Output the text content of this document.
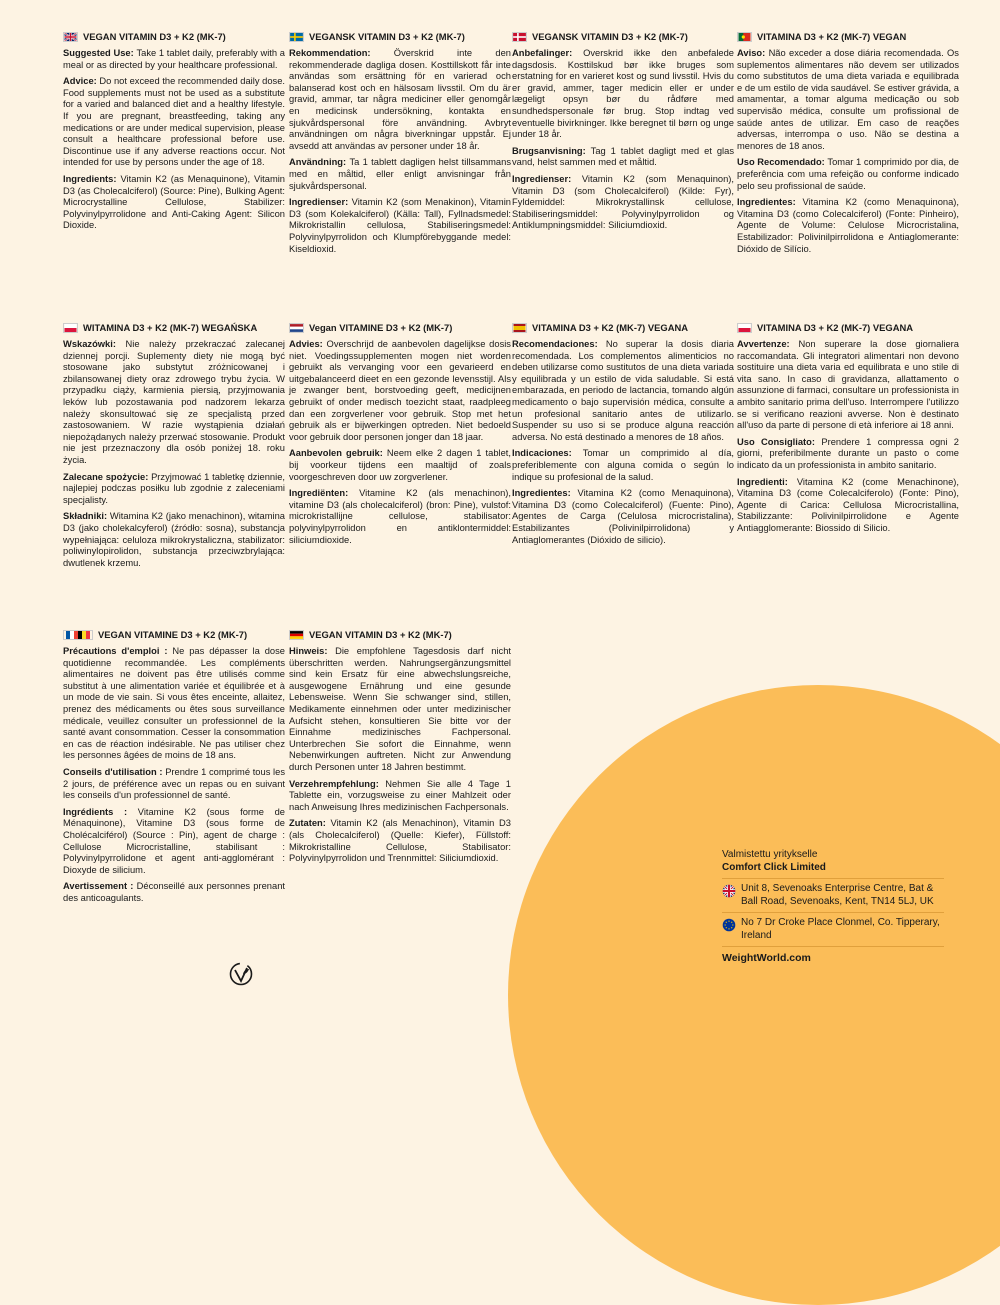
VEGAN VITAMIN D3 + K2 (MK-7)

Suggested Use: Take 1 tablet daily, preferably with a meal or as directed by your healthcare professional.

Advice: Do not exceed the recommended daily dose. Food supplements must not be used as a substitute for a varied and balanced diet and a healthy lifestyle. If you are pregnant, breastfeeding, taking any medications or are under medical supervision, please consult a healthcare professional before use. Discontinue use if any adverse reactions occur. Not intended for use by persons under the age of 18.

Ingredients: Vitamin K2 (as Menaquinone), Vitamin D3 (as Cholecalciferol) (Source: Pine), Bulking Agent: Microcrystalline Cellulose, Stabilizer: Polyvinylpyrrolidone and Anti-Caking Agent: Silicon Dioxide.

VEGANSK VITAMIN D3 + K2 (MK-7)

Rekommendation: Överskrid inte den rekommenderade dagliga dosen. Kosttillskott får inte användas som ersättning för en varierad och balanserad kost och en hälsosam livsstil. Om du är gravid, ammar, tar några mediciner eller genomgår en medicinsk undersökning, kontakta en sjukvårdspersonal före användning. Avbryt användningen om några biverkningar uppstår. Ej avsedd att användas av personer under 18 år.

Användning: Ta 1 tablett dagligen helst tillsammans med en måltid, eller enligt anvisningar från sjukvårdspersonal.

Ingredienser: Vitamin K2 (som Menakinon), Vitamin D3 (som Kolekalciferol) (Källa: Tall), Fyllnadsmedel: Mikrokristallin cellulosa, Stabiliseringsmedel: Polyvinylpyrrolidon och Klumpförebyggande medel: Kiseldioxid.

VEGANSK VITAMIN D3 + K2 (MK-7)

Anbefalinger: Overskrid ikke den anbefalede dagsdosis. Kosttilskud bør ikke bruges som erstatning for en varieret kost og sund livsstil. Hvis du er gravid, ammer, tager medicin eller er under lægeligt opsyn bør du rådføre med sundhedspersonale før brug. Stop indtag ved eventuelle bivirkninger. Ikke beregnet til børn og unge under 18 år.

Brugsanvisning: Tag 1 tablet dagligt med et glas vand, helst sammen med et måltid.

Ingredienser: Vitamin K2 (som Menaquinon), Vitamin D3 (som Cholecalciferol) (Kilde: Fyr), Fyldemiddel: Mikrokrystallinsk cellulose, Stabiliseringsmiddel: Polyvinylpyrrolidon og Antiklumpningsmiddel: Siliciumdioxid.

VITAMINA D3 + K2 (MK-7) VEGAN

Aviso: Não exceder a dose diária recomendada. Os suplementos alimentares não devem ser utilizados como substitutos de uma dieta variada e equilibrada e de um estilo de vida saudável. Se estiver grávida, a amamentar, a tomar alguma medicação ou sob supervisão médica, consulte um profissional de saúde antes de utilizar. Em caso de reações adversas, interrompa o uso. Não se destina a menores de 18 anos.

Uso Recomendado: Tomar 1 comprimido por dia, de preferência com uma refeição ou conforme indicado pelo seu profissional de saúde.

Ingredientes: Vitamina K2 (como Menaquinona), Vitamina D3 (como Colecalciferol) (Fonte: Pinheiro), Agente de Volume: Celulose Microcristalina, Estabilizador: Polivinilpirrolidona e Antiaglomerante: Dióxido de Silício.

WITAMINA D3 + K2 (MK-7) WEGAŃSKA

Wskazówki: Nie należy przekraczać zalecanej dziennej porcji. Suplementy diety nie mogą być stosowane jako substytut zróżnicowanej i zbilansowanej diety oraz zdrowego trybu życia. W przypadku ciąży, karmienia piersią, przyjmowania leków lub pozostawania pod nadzorem lekarza należy skonsultować się ze specjalistą przed zastosowaniem. W razie wystąpienia działań niepożądanych należy przerwać stosowanie. Produkt nie jest przeznaczony dla osób poniżej 18. roku życia.

Zalecane spożycie: Przyjmować 1 tabletkę dziennie, najlepiej podczas posiłku lub zgodnie z zaleceniami specjalisty.

Składniki: Witamina K2 (jako menachinon), witamina D3 (jako cholekalcyferol) (źródło: sosna), substancja wypełniająca: celuloza mikrokrystaliczna, stabilizator: poliwinylopirolidon, substancja przeciwzbrylająca: dwutlenek krzemu.

Vegan VITAMINE D3 + K2 (MK-7)

Advies: Overschrijd de aanbevolen dagelijkse dosis niet. Voedingssupplementen mogen niet worden gebruikt als vervanging voor een gevarieerd en uitgebalanceerd dieet en een gezonde levensstijl. Als je zwanger bent, borstvoeding geeft, medicijnen gebruikt of onder medisch toezicht staat, raadpleeg dan een zorgverlener voor gebruik. Stop met het gebruik als er bijwerkingen optreden. Niet bedoeld voor gebruik door personen jonger dan 18 jaar.

Aanbevolen gebruik: Neem elke 2 dagen 1 tablet, bij voorkeur tijdens een maaltijd of zoals voorgeschreven door uw zorgverlener.

Ingrediënten: Vitamine K2 (als menachinon), vitamine D3 (als cholecalciferol) (bron: Pine), vulstof: microkristallijne cellulose, stabilisator: polyvinylpyrrolidon en antiklontermiddel: siliciumdioxide.

VITAMINA D3 + K2 (MK-7) VEGANA

Recomendaciones: No superar la dosis diaria recomendada. Los complementos alimenticios no deben utilizarse como sustitutos de una dieta variada y equilibrada y un estilo de vida saludable. Si está embarazada, en periodo de lactancia, tomando algún medicamento o bajo supervisión médica, consulte a un profesional sanitario antes de utilizarlo. Suspender su uso si se produce alguna reacción adversa. No está destinado a menores de 18 años.

Indicaciones: Tomar un comprimido al día, preferiblemente con alguna comida o según lo indique su profesional de la salud.

Ingredientes: Vitamina K2 (como Menaquinona), Vitamina D3 (como Colecalciferol) (Fuente: Pino), Agentes de Carga (Celulosa microcristalina), Estabilizantes (Polivinilpirrolidona) y Antiaglomerantes (Dióxido de silicio).

VITAMINA D3 + K2 (MK-7) VEGANA

Avvertenze: Non superare la dose giornaliera raccomandata. Gli integratori alimentari non devono sostituire una dieta varia ed equilibrata e uno stile di vita sano. In caso di gravidanza, allattamento o assunzione di farmaci, consultare un professionista in ambito sanitario prima dell'uso. Interrompere l'utilizzo se si verificano reazioni avverse. Non è destinato all'uso da parte di persone di età inferiore ai 18 anni.

Uso Consigliato: Prendere 1 compressa ogni 2 giorni, preferibilmente durante un pasto o come indicato da un professionista in ambito sanitario.

Ingredienti: Vitamina K2 (come Menachinone), Vitamina D3 (come Colecalciferolo) (Fonte: Pino), Agente di Carica: Cellulosa Microcristallina, Stabilizzante: Polivinilpirrolidone e Agente Antiagglomerante: Biossido di Silicio.

VEGAN VITAMINE D3 + K2 (MK-7)

Précautions d'emploi : Ne pas dépasser la dose quotidienne recommandée. Les compléments alimentaires ne doivent pas être utilisés comme substitut à une alimentation variée et équilibrée et à un mode de vie sain. Si vous êtes enceinte, allaitez, prenez des médicaments ou êtes sous surveillance médicale, veuillez consulter un professionnel de la santé avant consommation. Cesser la consommation en cas de réaction indésirable. Ne pas utiliser chez les personnes âgées de moins de 18 ans.

Conseils d'utilisation : Prendre 1 comprimé tous les 2 jours, de préférence avec un repas ou en suivant les conseils d'un professionnel de santé.

Ingrédients : Vitamine K2 (sous forme de Ménaquinone), Vitamine D3 (sous forme de Cholécalciférol) (Source : Pin), agent de charge : Cellulose Microcristalline, stabilisant : Polyvinylpyrrolidone et agent anti-agglomérant : Dioxyde de silicium.

Avertissement : Déconseillé aux personnes prenant des anticoagulants.

VEGAN VITAMIN D3 + K2 (MK-7)

Hinweis: Die empfohlene Tagesdosis darf nicht überschritten werden. Nahrungsergänzungsmittel sind kein Ersatz für eine abwechslungsreiche, ausgewogene Ernährung und eine gesunde Lebensweise. Wenn Sie schwanger sind, stillen, Medikamente einnehmen oder unter medizinischer Aufsicht stehen, konsultieren Sie bitte vor der Einnahme medizinisches Fachpersonal. Unterbrechen Sie sofort die Einnahme, wenn Nebenwirkungen auftreten. Nicht zur Anwendung durch Personen unter 18 Jahren bestimmt.

Verzehrempfehlung: Nehmen Sie alle 4 Tage 1 Tablette ein, vorzugsweise zu einer Mahlzeit oder nach Anweisung Ihres medizinischen Fachpersonals.

Zutaten: Vitamin K2 (als Menachinon), Vitamin D3 (als Cholecalciferol) (Quelle: Kiefer), Füllstoff: Mikrokristalline Cellulose, Stabilisator: Polyvinylpyrrolidon und Trennmittel: Siliciumdioxid.	Valmistettu yritykselle
Comfort Click Limited
Unit 8, Sevenoaks Enterprise Centre, Bat & Ball Road, Sevenoaks, Kent, TN14 5LJ, UK
No 7 Dr Croke Place Clonmel, Co. Tipperary, Ireland
WeightWorld.com
